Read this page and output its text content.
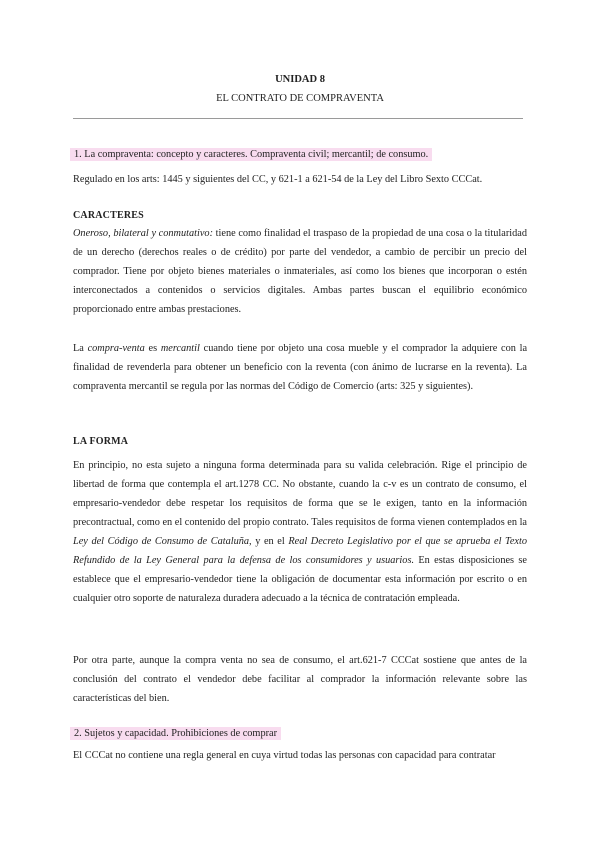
UNIDAD 8
EL CONTRATO DE COMPRAVENTA
1. La compraventa: concepto y caracteres. Compraventa civil; mercantil; de consumo.

Regulado en los arts: 1445 y siguientes del CC, y 621-1 a 621-54 de la Ley del Libro Sexto CCCat.

CARACTERES

Oneroso, bilateral y conmutativo: tiene como finalidad el traspaso de la propiedad de una cosa o la titularidad de un derecho (derechos reales o de crédito) por parte del vendedor, a cambio de percibir un precio del comprador. Tiene por objeto bienes materiales o inmateriales, así como los bienes que incorporan o estén interconectados a contenidos o servicios digitales. Ambas partes buscan el equilibrio económico proporcionado entre ambas prestaciones.

La compra-venta es mercantil cuando tiene por objeto una cosa mueble y el comprador la adquiere con la finalidad de revenderla para obtener un beneficio con la reventa (con ánimo de lucrarse en la reventa). La compraventa mercantil se regula por las normas del Código de Comercio (arts: 325 y siguientes).

LA FORMA

En principio, no esta sujeto a ninguna forma determinada para su valida celebración. Rige el principio de libertad de forma que contempla el art.1278 CC. No obstante, cuando la c-v es un contrato de consumo, el empresario-vendedor debe respetar los requisitos de forma que se le exigen, tanto en la información precontractual, como en el contenido del propio contrato. Tales requisitos de forma vienen contemplados en la Ley del Código de Consumo de Cataluña, y en el Real Decreto Legislativo por el que se aprueba el Texto Refundido de la Ley General para la defensa de los consumidores y usuarios. En estas disposiciones se establece que el empresario-vendedor tiene la obligación de documentar esta información por escrito o en cualquier otro soporte de naturaleza duradera adecuado a la técnica de contratación empleada.

Por otra parte, aunque la compra venta no sea de consumo, el art.621-7 CCCat sostiene que antes de la conclusión del contrato el vendedor debe facilitar al comprador la información relevante sobre las características del bien.

2. Sujetos y capacidad. Prohibiciones de comprar

El CCCat no contiene una regla general en cuya virtud todas las personas con capacidad para contratar
